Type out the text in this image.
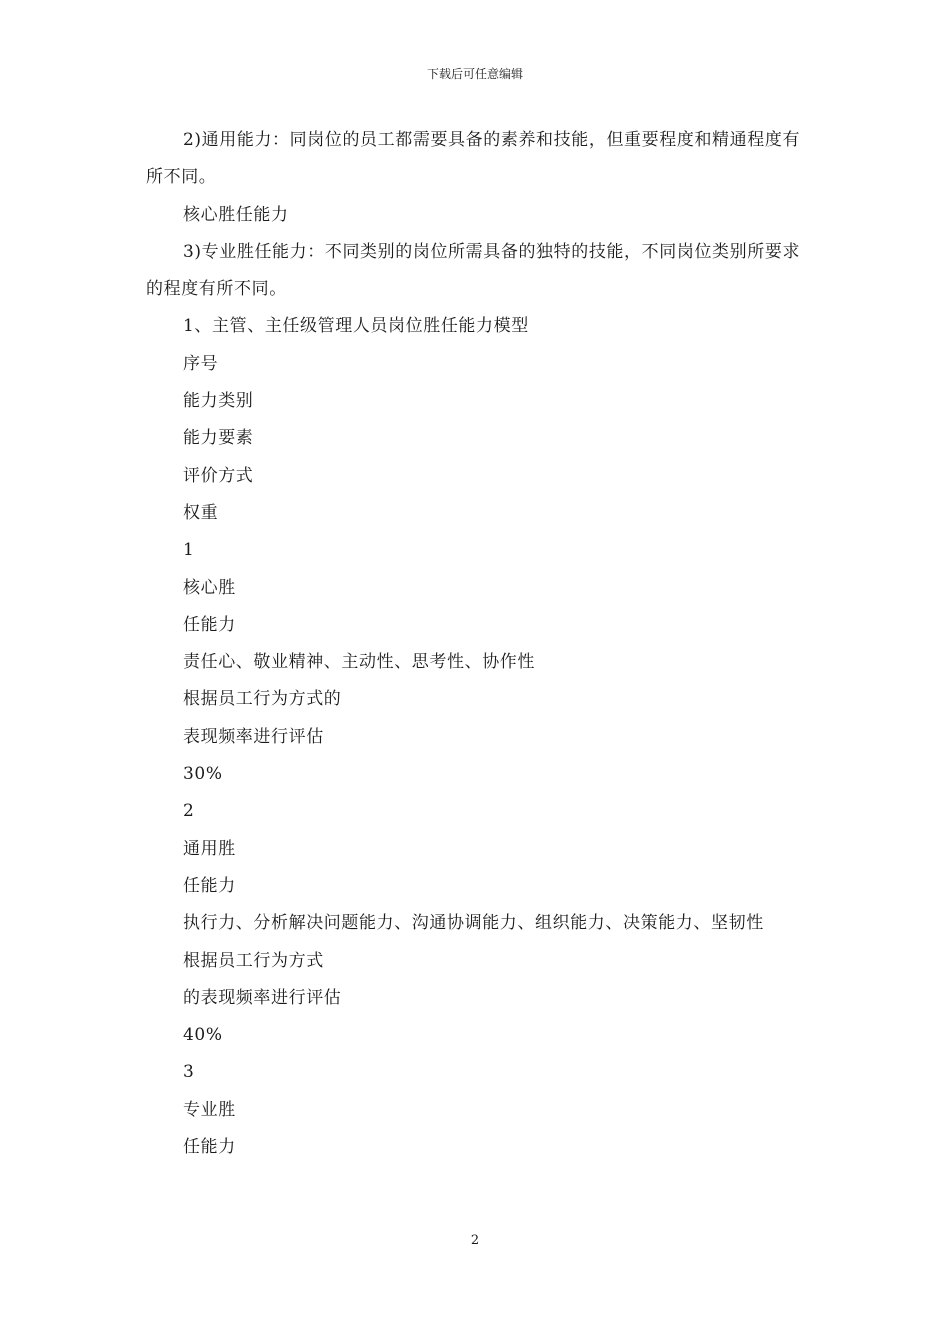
下载后可任意编辑

2)通用能力：同岗位的员工都需要具备的素养和技能，但重要程度和精通程度有所不同。

核心胜任能力

3)专业胜任能力：不同类别的岗位所需具备的独特的技能，不同岗位类别所要求的程度有所不同。

1、主管、主任级管理人员岗位胜任能力模型

序号

能力类别

能力要素

评价方式

权重

1

核心胜

任能力

责任心、敬业精神、主动性、思考性、协作性

根据员工行为方式的

表现频率进行评估

30%

2

通用胜

任能力

执行力、分析解决问题能力、沟通协调能力、组织能力、决策能力、坚韧性

根据员工行为方式

的表现频率进行评估

40%

3

专业胜

任能力

2
